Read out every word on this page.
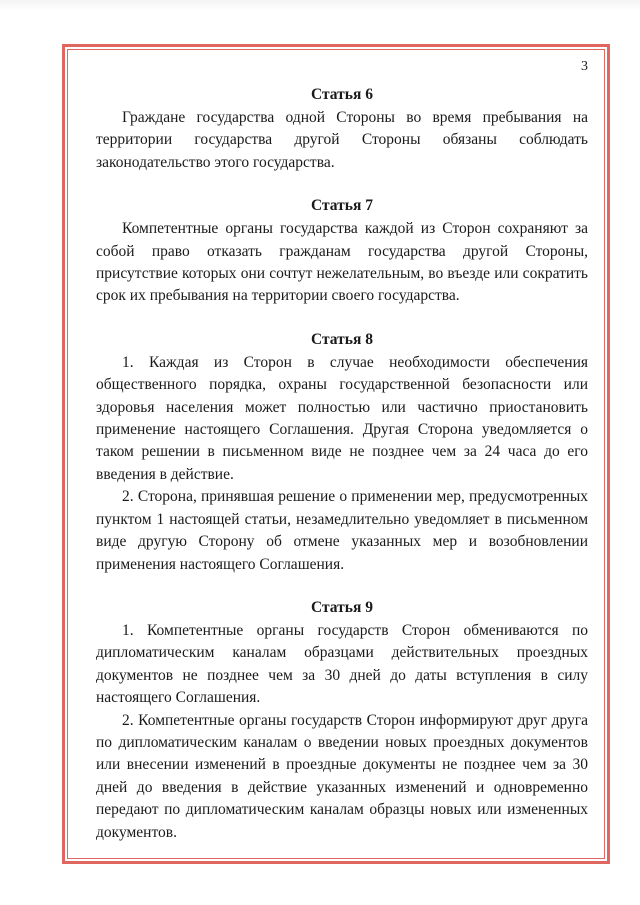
3
Статья 6

Граждане государства одной Стороны во время пребывания на территории государства другой Стороны обязаны соблюдать законодательство этого государства.

Статья 7

Компетентные органы государства каждой из Сторон сохраняют за собой право отказать гражданам государства другой Стороны, присутствие которых они сочтут нежелательным, во въезде или сократить срок их пребывания на территории своего государства.

Статья 8

1. Каждая из Сторон в случае необходимости обеспечения общественного порядка, охраны государственной безопасности или здоровья населения может полностью или частично приостановить применение настоящего Соглашения. Другая Сторона уведомляется о таком решении в письменном виде не позднее чем за 24 часа до его введения в действие.

2. Сторона, принявшая решение о применении мер, предусмотренных пунктом 1 настоящей статьи, незамедлительно уведомляет в письменном виде другую Сторону об отмене указанных мер и возобновлении применения настоящего Соглашения.

Статья 9

1. Компетентные органы государств Сторон обмениваются по дипломатическим каналам образцами действительных проездных документов не позднее чем за 30 дней до даты вступления в силу настоящего Соглашения.

2. Компетентные органы государств Сторон информируют друг друга по дипломатическим каналам о введении новых проездных документов или внесении изменений в проездные документы не позднее чем за 30 дней до введения в действие указанных изменений и одновременно передают по дипломатическим каналам образцы новых или измененных документов.
